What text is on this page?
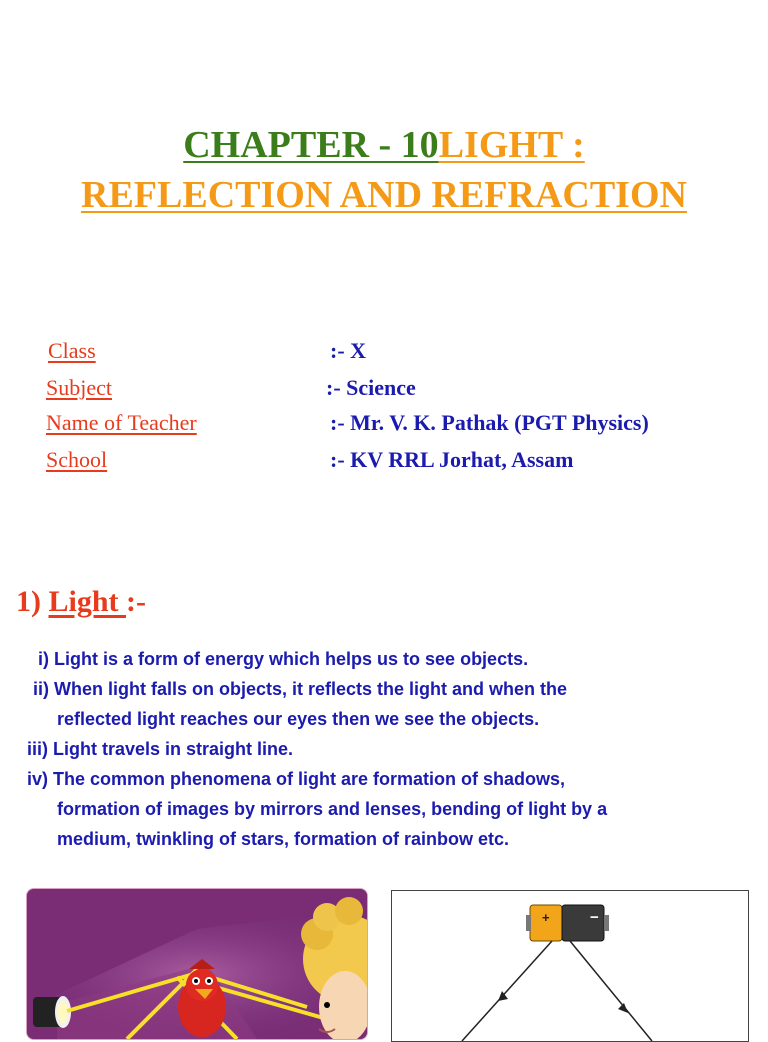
CHAPTER - 10LIGHT :
REFLECTION AND REFRACTION
Class	:- X
Subject	:- Science
Name of Teacher	:- Mr. V. K. Pathak (PGT Physics)
School	:- KV RRL Jorhat, Assam
1) Light :-
i) Light is a form of energy which helps us to see objects.
ii) When light falls on objects, it reflects the light and when the
reflected light reaches our eyes then we see the objects.
iii) Light travels in straight line.
iv) The common phenomena of light are formation of shadows,
formation of images by mirrors and lenses, bending of light by a
medium, twinkling of stars, formation of rainbow etc.
+	−
